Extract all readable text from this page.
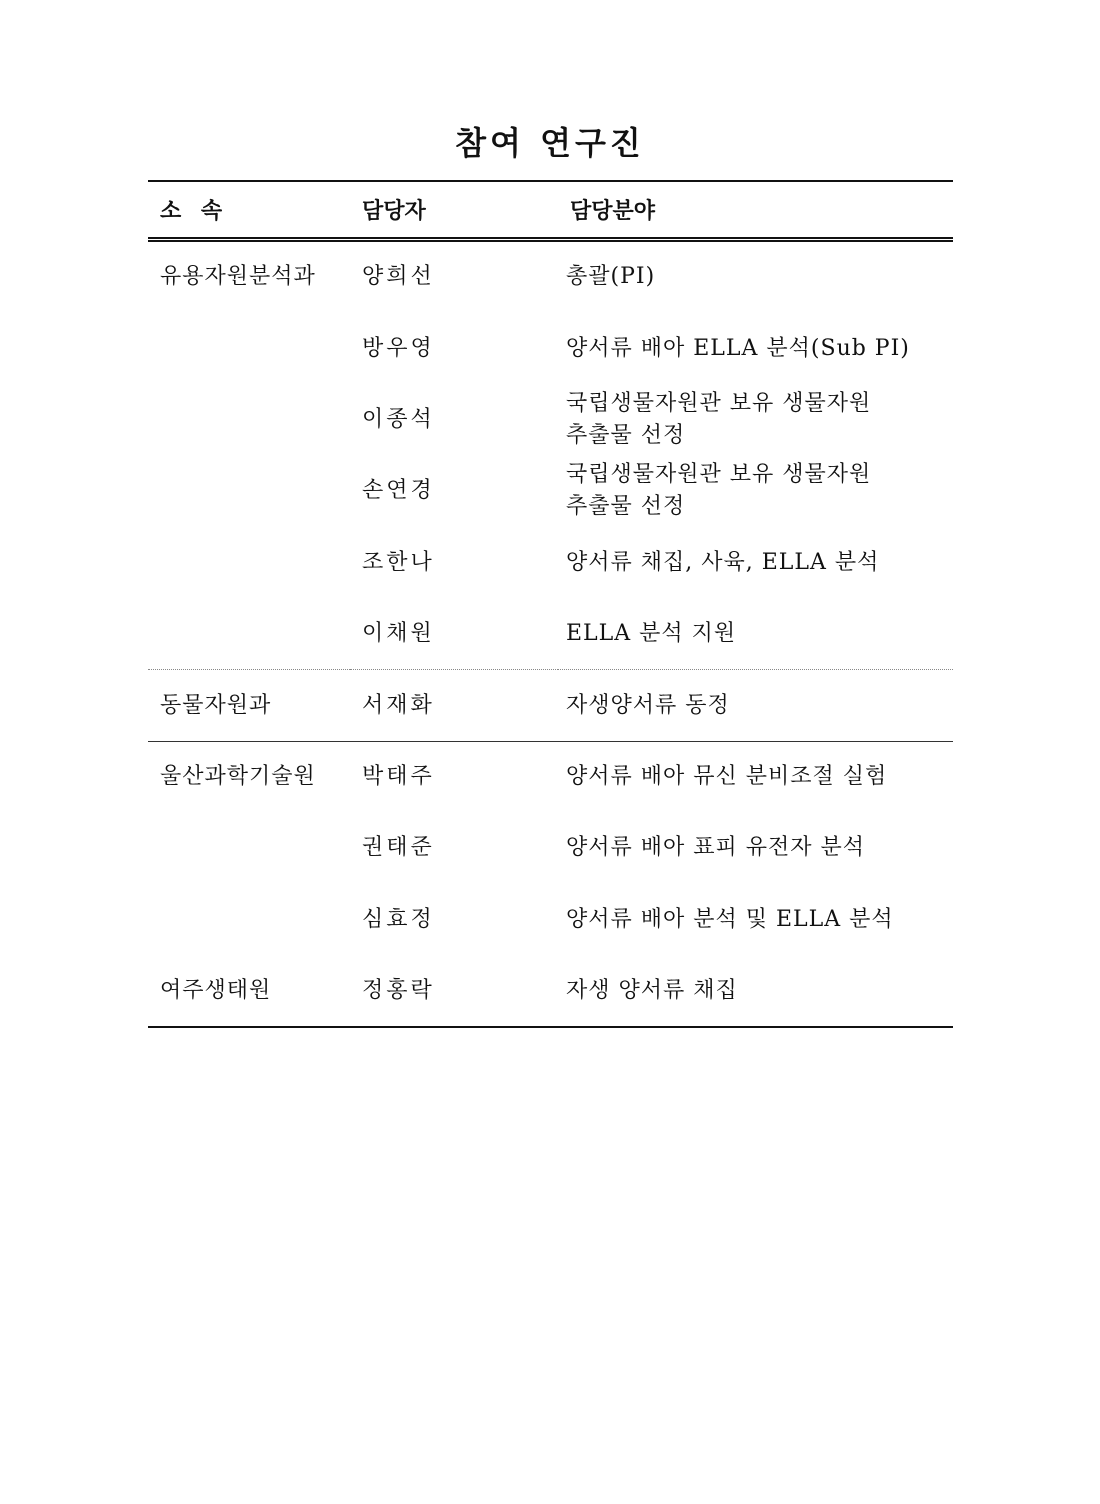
참여 연구진
소 속	담당자	담당분야
유용자원분석과	양희선	총괄(PI)

	방우영	양서류 배아 ELLA 분석(Sub PI)

	이종석	국립생물자원관 보유 생물자원
추출물 선정

	손연경	국립생물자원관 보유 생물자원
추출물 선정

	조한나	양서류 채집, 사육, ELLA 분석

	이채원	ELLA 분석 지원

동물자원과	서재화	자생양서류 동정

울산과학기술원	박태주	양서류 배아 뮤신 분비조절 실험

	권태준	양서류 배아 표피 유전자 분석

	심효정	양서류 배아 분석 및 ELLA 분석

여주생태원	정홍락	자생 양서류 채집
